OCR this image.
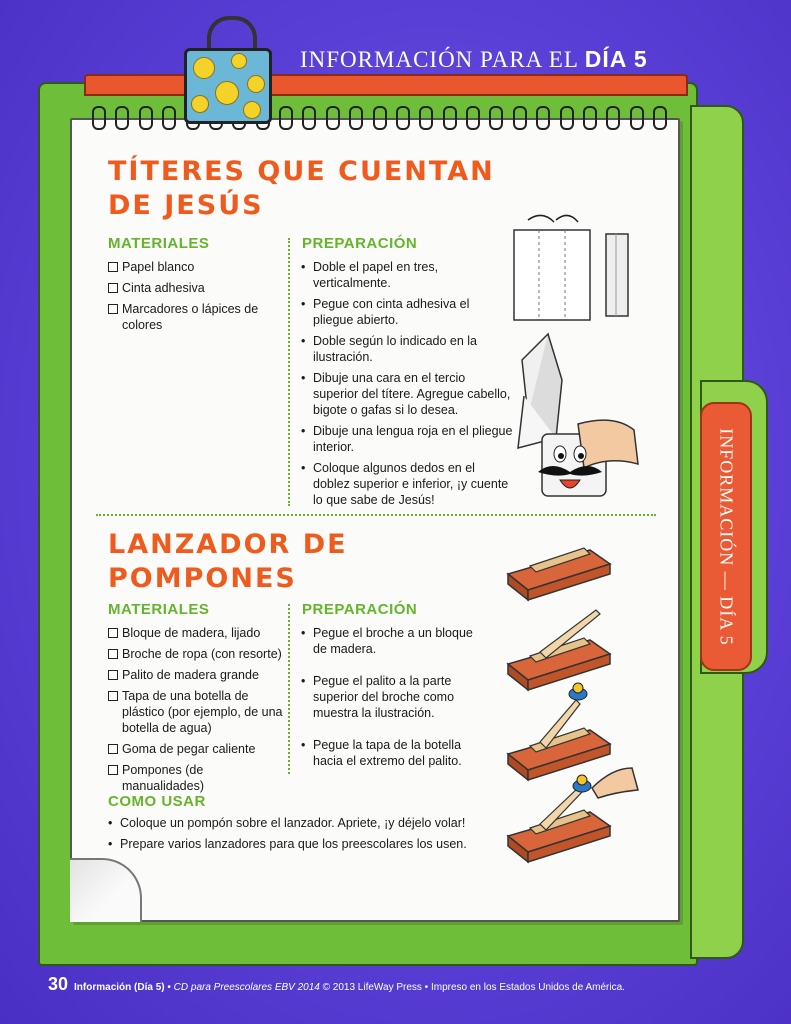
INFORMACIÓN PARA EL DÍA 5
INFORMACIÓN — DÍA 5
TÍTERES QUE CUENTAN
DE JESÚS
MATERIALES
Papel blanco
Cinta adhesiva
Marcadores o lápices de colores
PREPARACIÓN
• Doble el papel en tres, verticalmente.
• Pegue con cinta adhesiva el pliegue abierto.
• Doble según lo indicado en la ilustración.
• Dibuje una cara en el tercio superior del títere. Agregue cabello, bigote o gafas si lo desea.
• Dibuje una lengua roja en el pliegue interior.
• Coloque algunos dedos en el doblez superior e inferior, ¡y cuente lo que sabe de Jesús!
LANZADOR DE
POMPONES
MATERIALES
Bloque de madera, lijado
Broche de ropa (con resorte)
Palito de madera grande
Tapa de una botella de plástico (por ejemplo, de una botella de agua)
Goma de pegar caliente
Pompones (de manualidades)
PREPARACIÓN
• Pegue el broche a un bloque de madera.
• Pegue el palito a la parte superior del broche como muestra la ilustración.
• Pegue la tapa de la botella hacia el extremo del palito.
COMO USAR
• Coloque un pompón sobre el lanzador. Apriete, ¡y déjelo volar!
• Prepare varios lanzadores para que los preescolares los usen.
30 Información (Día 5) • CD para Preescolares EBV 2014 © 2013 LifeWay Press • Impreso en los Estados Unidos de América.
